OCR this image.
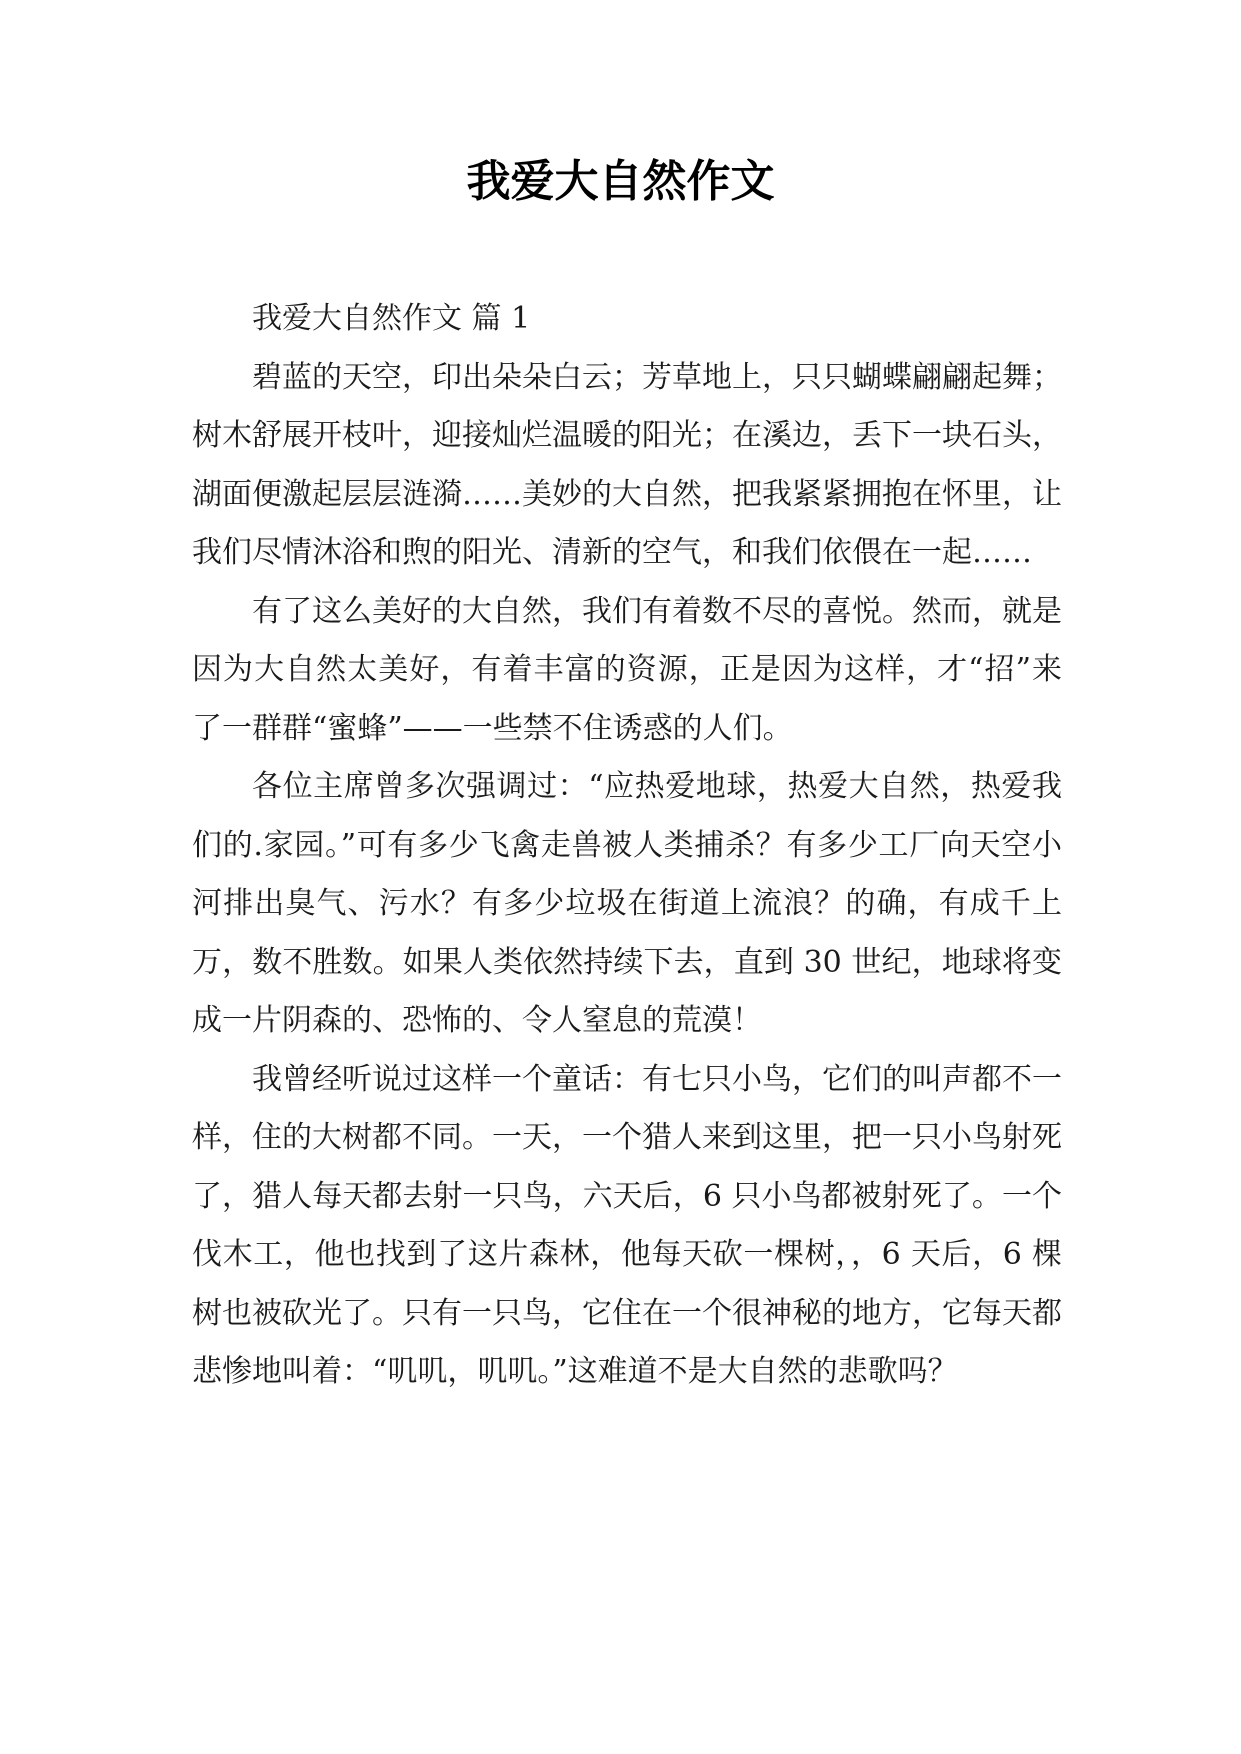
我爱大自然作文

我爱大自然作文 篇 1

碧蓝的天空，印出朵朵白云；芳草地上，只只蝴蝶翩翩起舞；树木舒展开枝叶，迎接灿烂温暖的阳光；在溪边，丢下一块石头，湖面便激起层层涟漪……美妙的大自然，把我紧紧拥抱在怀里，让我们尽情沐浴和煦的阳光、清新的空气，和我们依偎在一起……

有了这么美好的大自然，我们有着数不尽的喜悦。然而，就是因为大自然太美好，有着丰富的资源，正是因为这样，才“招”来了一群群“蜜蜂”——一些禁不住诱惑的人们。

各位主席曾多次强调过：“应热爱地球，热爱大自然，热爱我们的.家园。”可有多少飞禽走兽被人类捕杀？有多少工厂向天空小河排出臭气、污水？有多少垃圾在街道上流浪？的确，有成千上万，数不胜数。如果人类依然持续下去，直到 30 世纪，地球将变成一片阴森的、恐怖的、令人窒息的荒漠！

我曾经听说过这样一个童话：有七只小鸟，它们的叫声都不一样，住的大树都不同。一天，一个猎人来到这里，把一只小鸟射死了，猎人每天都去射一只鸟，六天后，6 只小鸟都被射死了。一个伐木工，他也找到了这片森林，他每天砍一棵树，，6 天后，6 棵树也被砍光了。只有一只鸟，它住在一个很神秘的地方，它每天都悲惨地叫着：“叽叽，叽叽。”这难道不是大自然的悲歌吗？
